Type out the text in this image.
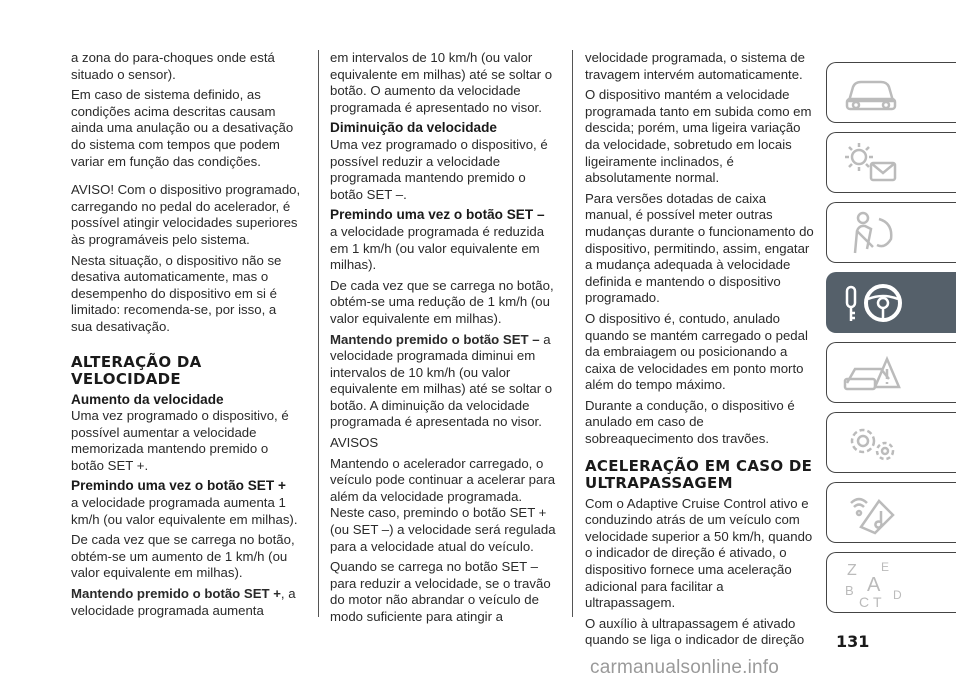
a zona do para-choques onde está situado o sensor).

Em caso de sistema definido, as condições acima descritas causam ainda uma anulação ou a desativação do sistema com tempos que podem variar em função das condições.

AVISO! Com o dispositivo programado, carregando no pedal do acelerador, é possível atingir velocidades superiores às programáveis pelo sistema.

Nesta situação, o dispositivo não se desativa automaticamente, mas o desempenho do dispositivo em si é limitado: recomenda-se, por isso, a sua desativação.

ALTERAÇÃO DA VELOCIDADE
Aumento da velocidade

Uma vez programado o dispositivo, é possível aumentar a velocidade memorizada mantendo premido o botão SET +.

Premindo uma vez o botão SET +

a velocidade programada aumenta 1 km/h (ou valor equivalente em milhas).

De cada vez que se carrega no botão, obtém-se um aumento de 1 km/h (ou valor equivalente em milhas).

Mantendo premido o botão SET +, a velocidade programada aumenta

em intervalos de 10 km/h (ou valor equivalente em milhas) até se soltar o botão. O aumento da velocidade programada é apresentado no visor.

Diminuição da velocidade

Uma vez programado o dispositivo, é possível reduzir a velocidade programada mantendo premido o botão SET –.

Premindo uma vez o botão SET –

a velocidade programada é reduzida em 1 km/h (ou valor equivalente em milhas).

De cada vez que se carrega no botão, obtém-se uma redução de 1 km/h (ou valor equivalente em milhas).

Mantendo premido o botão SET – a velocidade programada diminui em intervalos de 10 km/h (ou valor equivalente em milhas) até se soltar o botão. A diminuição da velocidade programada é apresentada no visor.

AVISOS

Mantendo o acelerador carregado, o veículo pode continuar a acelerar para além da velocidade programada. Neste caso, premindo o botão SET + (ou SET –) a velocidade será regulada para a velocidade atual do veículo.

Quando se carrega no botão SET – para reduzir a velocidade, se o travão do motor não abrandar o veículo de modo suficiente para atingir a

velocidade programada, o sistema de travagem intervém automaticamente.

O dispositivo mantém a velocidade programada tanto em subida como em descida; porém, uma ligeira variação da velocidade, sobretudo em locais ligeiramente inclinados, é absolutamente normal.

Para versões dotadas de caixa manual, é possível meter outras mudanças durante o funcionamento do dispositivo, permitindo, assim, engatar a mudança adequada à velocidade definida e mantendo o dispositivo programado.

O dispositivo é, contudo, anulado quando se mantém carregado o pedal da embraiagem ou posicionando a caixa de velocidades em ponto morto além do tempo máximo.

Durante a condução, o dispositivo é anulado em caso de sobreaquecimento dos travões.

ACELERAÇÃO EM CASO DE ULTRAPASSAGEM

Com o Adaptive Cruise Control ativo e conduzindo atrás de um veículo com velocidade superior a 50 km/h, quando o indicador de direção é ativado, o dispositivo fornece uma aceleração adicional para facilitar a ultrapassagem.

O auxílio à ultrapassagem é ativado quando se liga o indicador de direção

Z E
B A
C T D
131
carmanualsonline.info
